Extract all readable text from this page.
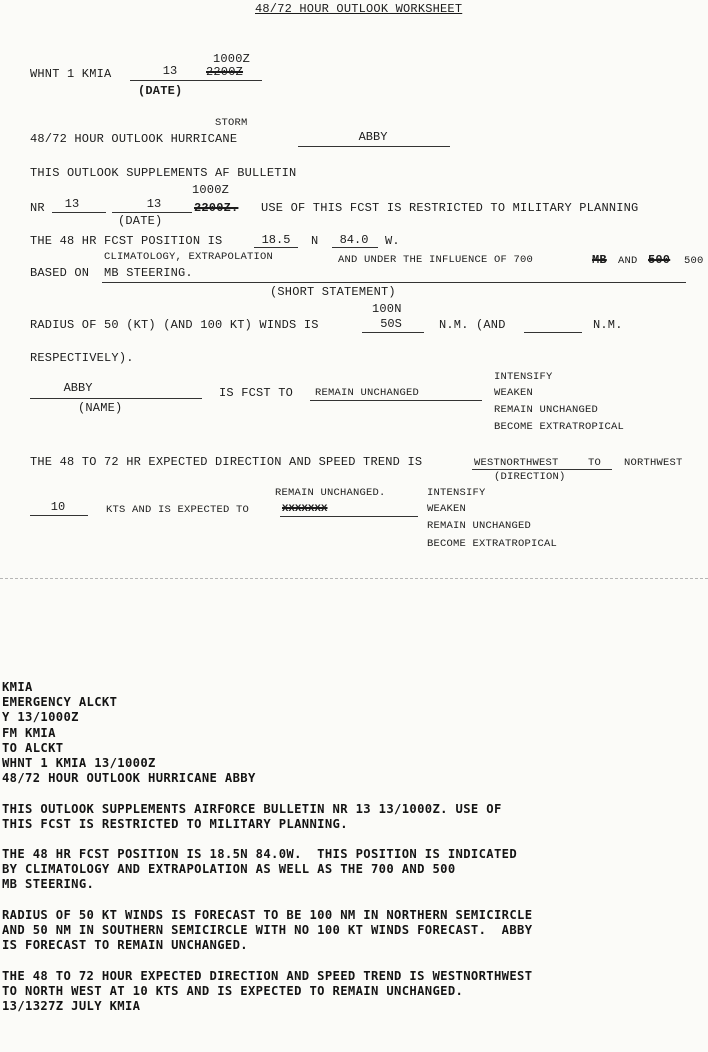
48/72 HOUR OUTLOOK WORKSHEET
1000Z
WHNT 1 KMIA	13	2200Z
(DATE)
STORM
48/72 HOUR OUTLOOK HURRICANE	ABBY
THIS OUTLOOK SUPPLEMENTS AF BULLETIN
1000Z
NR	13	13	2200Z. USE OF THIS FCST IS RESTRICTED TO MILITARY PLANNING
(DATE)
THE 48 HR FCST POSITION IS	18.5	N	84.0	W.
CLIMATOLOGY, EXTRAPOLATION	AND UNDER THE INFLUENCE OF 700	MB AND 500 500
BASED ON MB STEERING.
(SHORT STATEMENT)
100N
RADIUS OF 50 (KT) (AND 100 KT) WINDS IS	50S	N.M. (AND	N.M.
RESPECTIVELY).
ABBY
(NAME)
IS FCST TO REMAIN UNCHANGED
INTENSIFY
WEAKEN
REMAIN UNCHANGED
BECOME EXTRATROPICAL
THE 48 TO 72 HR EXPECTED DIRECTION AND SPEED TREND IS	WESTNORTHWEST	TO NORTHWEST
(DIRECTION)
REMAIN UNCHANGED.	INTENSIFY
10	KTS AND IS EXPECTED TO	XXXXXXX	WEAKEN
REMAIN UNCHANGED
BECOME EXTRATROPICAL
KMIA
EMERGENCY ALCKT
Y 13/1000Z
FM KMIA
TO ALCKT
WHNT 1 KMIA 13/1000Z
48/72 HOUR OUTLOOK HURRICANE ABBY

THIS OUTLOOK SUPPLEMENTS AIRFORCE BULLETIN NR 13 13/1000Z. USE OF
THIS FCST IS RESTRICTED TO MILITARY PLANNING.

THE 48 HR FCST POSITION IS 18.5N 84.0W.  THIS POSITION IS INDICATED
BY CLIMATOLOGY AND EXTRAPOLATION AS WELL AS THE 700 AND 500
MB STEERING.

RADIUS OF 50 KT WINDS IS FORECAST TO BE 100 NM IN NORTHERN SEMICIRCLE
AND 50 NM IN SOUTHERN SEMICIRCLE WITH NO 100 KT WINDS FORECAST.  ABBY
IS FORECAST TO REMAIN UNCHANGED.

THE 48 TO 72 HOUR EXPECTED DIRECTION AND SPEED TREND IS WESTNORTHWEST
TO NORTH WEST AT 10 KTS AND IS EXPECTED TO REMAIN UNCHANGED.
13/1327Z JULY KMIA
